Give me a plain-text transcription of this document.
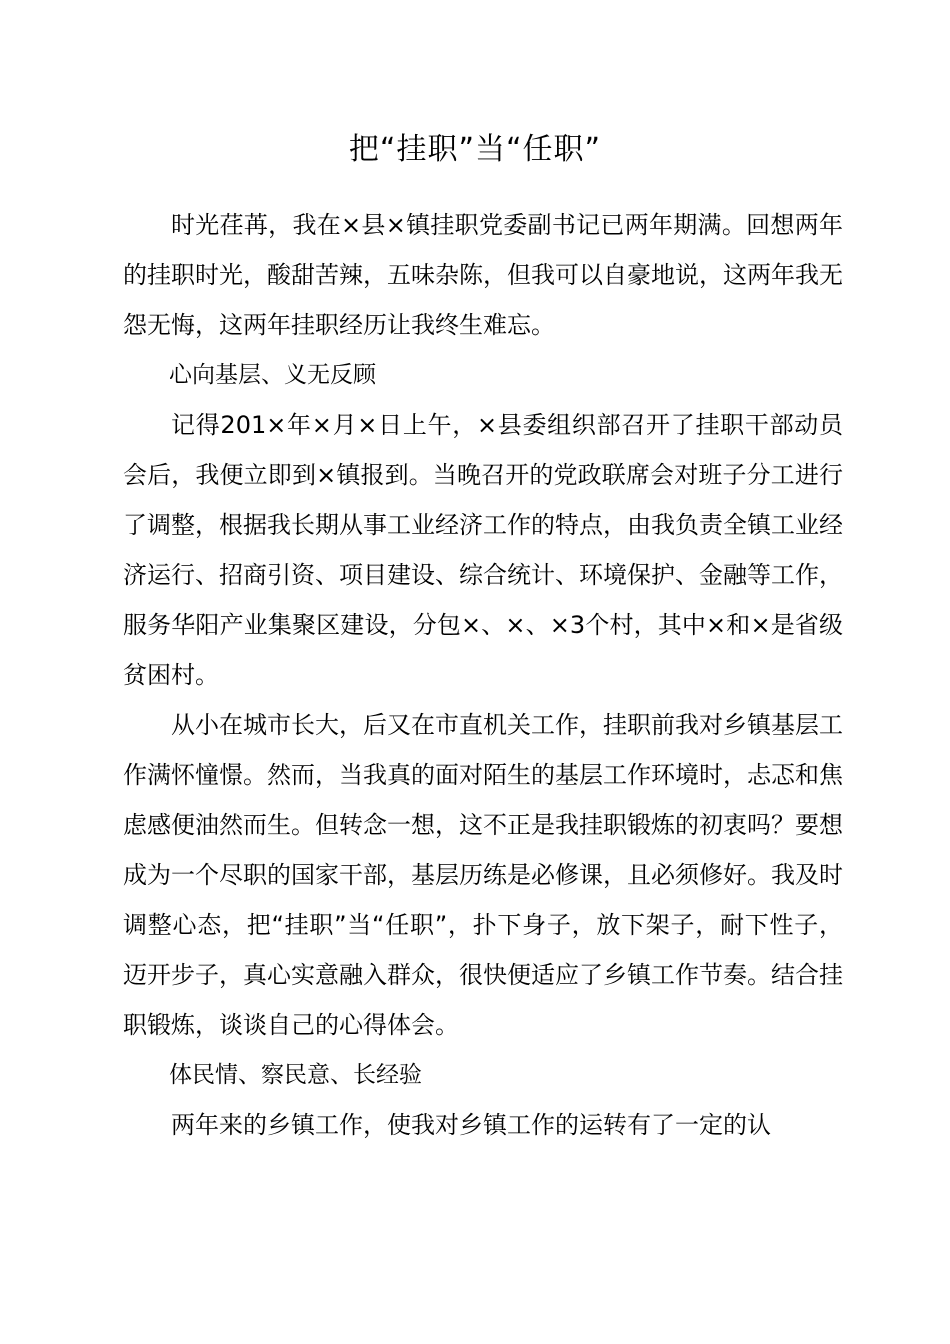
把“挂职”当“任职”

时光荏苒，我在×县×镇挂职党委副书记已两年期满。回想两年的挂职时光，酸甜苦辣，五味杂陈，但我可以自豪地说，这两年我无怨无悔，这两年挂职经历让我终生难忘。

心向基层、义无反顾

记得201×年×月×日上午，×县委组织部召开了挂职干部动员会后，我便立即到×镇报到。当晚召开的党政联席会对班子分工进行了调整，根据我长期从事工业经济工作的特点，由我负责全镇工业经济运行、招商引资、项目建设、综合统计、环境保护、金融等工作，服务华阳产业集聚区建设，分包×、×、×3个村，其中×和×是省级贫困村。

从小在城市长大，后又在市直机关工作，挂职前我对乡镇基层工作满怀憧憬。然而，当我真的面对陌生的基层工作环境时，忐忑和焦虑感便油然而生。但转念一想，这不正是我挂职锻炼的初衷吗？要想成为一个尽职的国家干部，基层历练是必修课，且必须修好。我及时调整心态，把“挂职”当“任职”，扑下身子，放下架子，耐下性子，迈开步子，真心实意融入群众，很快便适应了乡镇工作节奏。结合挂职锻炼，谈谈自己的心得体会。

体民情、察民意、长经验

两年来的乡镇工作，使我对乡镇工作的运转有了一定的认
